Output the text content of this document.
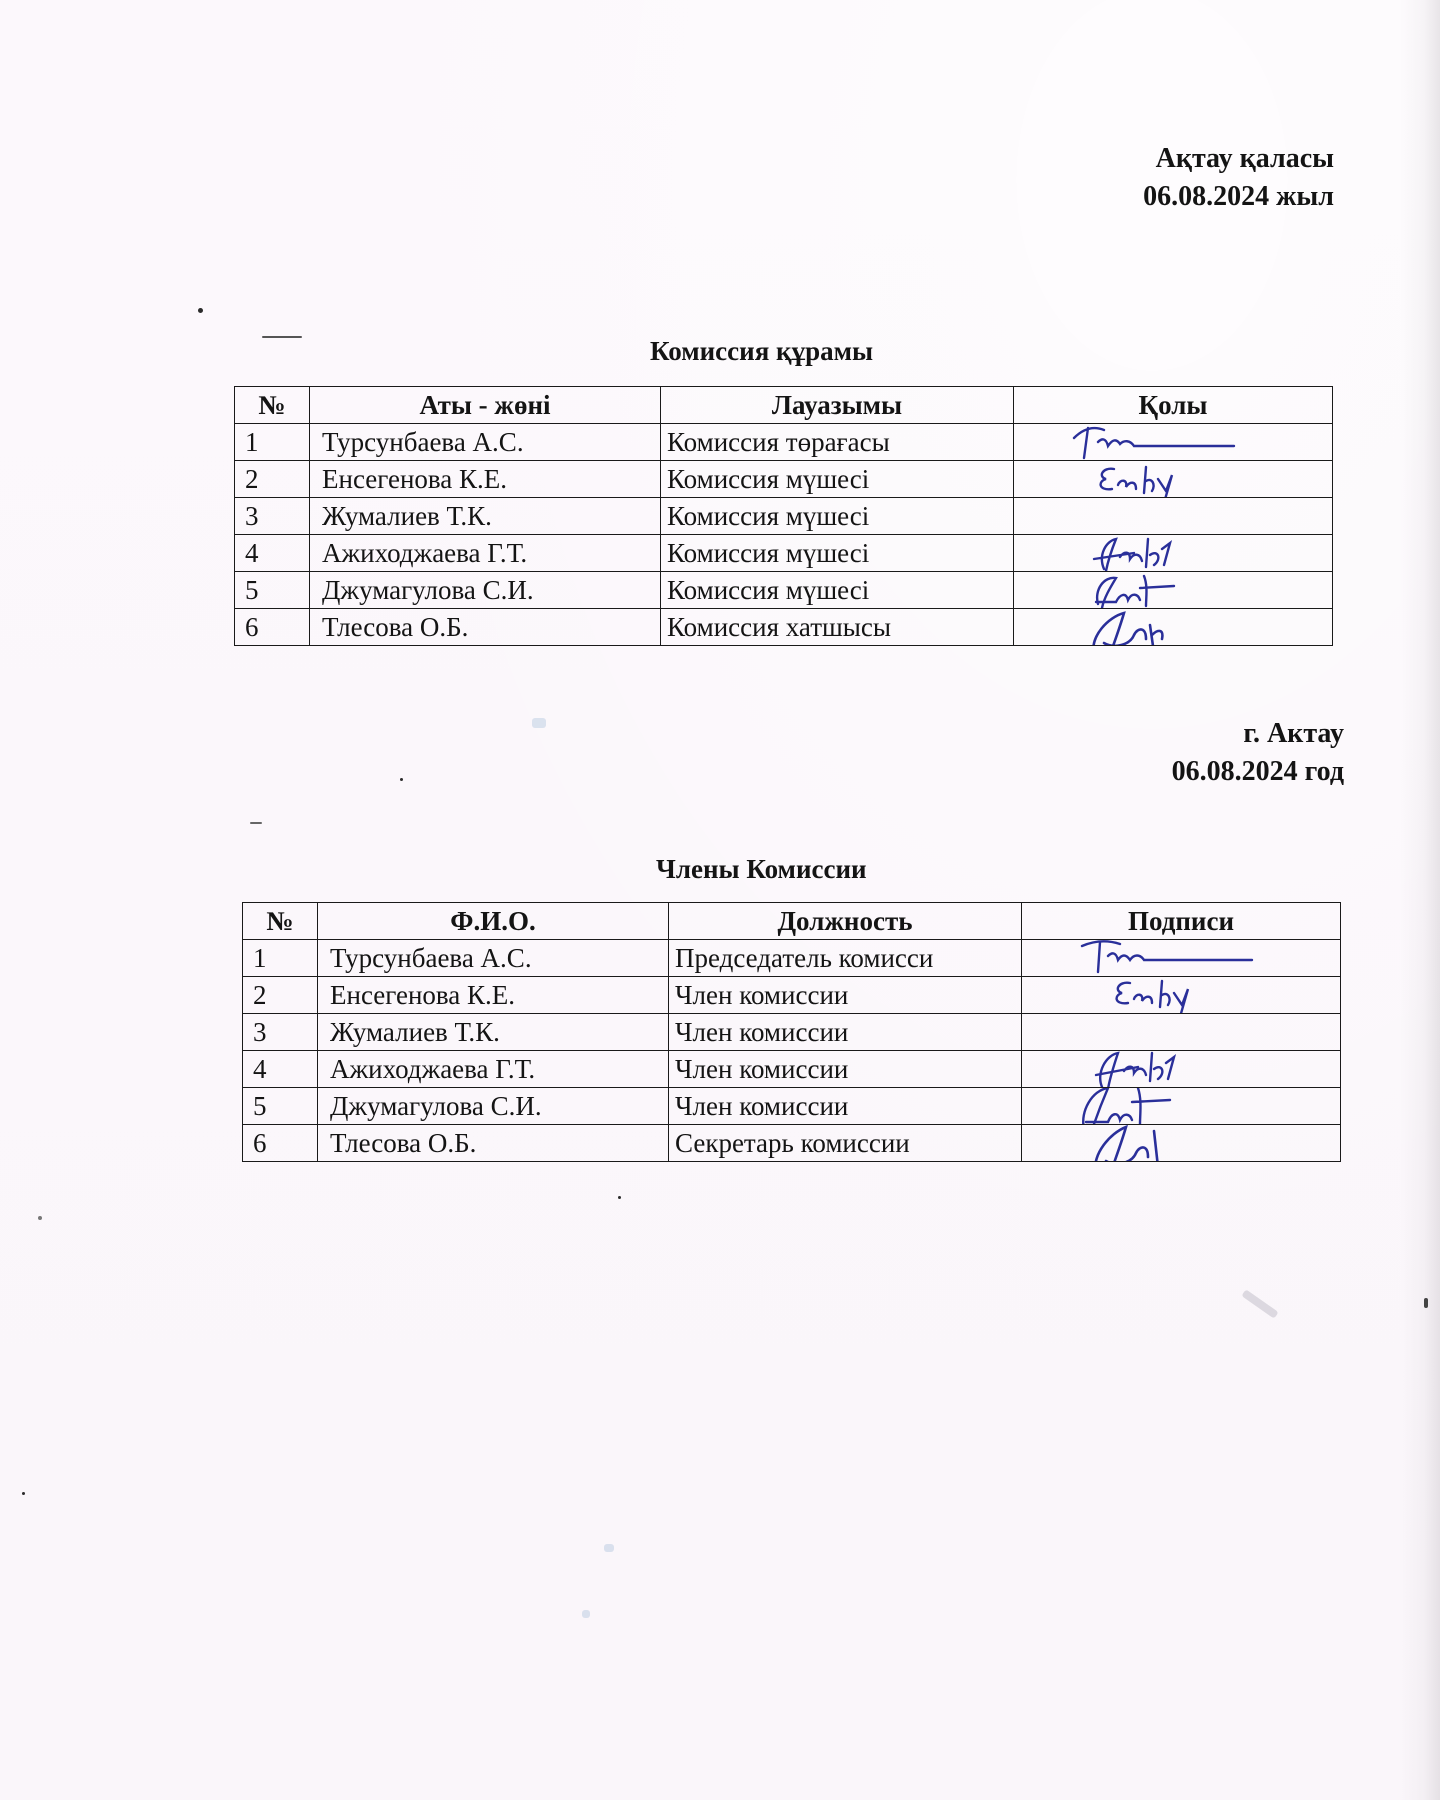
Ақтау қаласы
06.08.2024 жыл
Комиссия құрамы
№	Аты - жөні	Лауазымы	Қолы
1	Турсунбаева А.С.	Комиссия төрағасы	

2	Енсегенова К.Е.	Комиссия мүшесі	

3	Жумалиев Т.К.	Комиссия мүшесі	
4	Ажиходжаева Г.Т.	Комиссия мүшесі	

5	Джумагулова С.И.	Комиссия мүшесі	

6	Тлесова О.Б.	Комиссия хатшысы	
г. Актау
06.08.2024 год
Члены Комиссии
№	Ф.И.О.	Должность	Подписи
1	Турсунбаева А.С.	Председатель комисси	

2	Енсегенова К.Е.	Член комиссии	

3	Жумалиев Т.К.	Член комиссии	
4	Ажиходжаева Г.Т.	Член комиссии	

5	Джумагулова С.И.	Член комиссии	

6	Тлесова О.Б.	Секретарь комиссии	
